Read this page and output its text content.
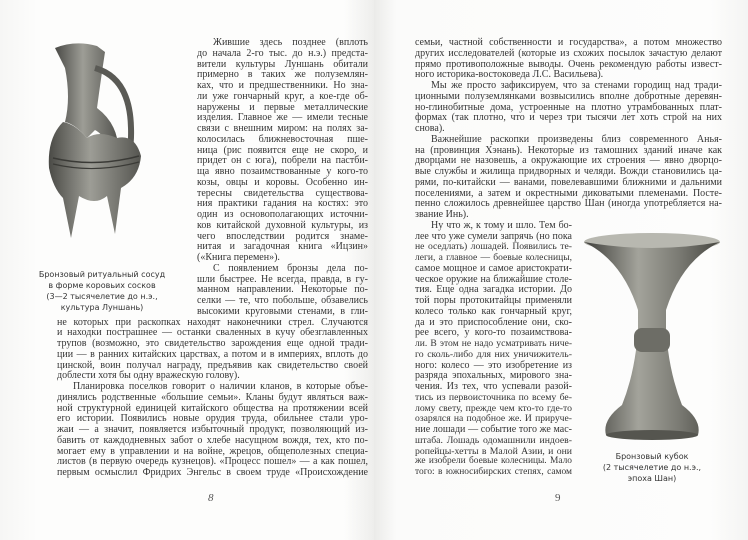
Бронзовый ритуальный сосуд
в форме коровьих сосков
(3—2 тысячелетие до н.э.,
культура Луншань)
Жившие здесь позднее (вплоть
до начала 2-го тыс. до н.э.) предста-
вители культуры Луншань обитали
примерно в таких же полуземлян-
ках, что и предшественники. Но зна-
ли уже гончарный круг, а кое-где об-
наружены и первые металлические
изделия. Главное же — имели тесные
связи с внешним миром: на полях за-
колосилась ближневосточная пше-
ница (рис появится еще не скоро, и
придет он с юга), побрели на пастби-
ща явно позаимствованные у кого-то
козы, овцы и коровы. Особенно ин-
тересны свидетельства существова-
ния практики гадания на костях: это
один из основополагающих источни-
ков китайской духовной культуры, из
чего впоследствии родится знаме-
нитая и загадочная книга «Ицзин»
(«Книга перемен»).
С появлением бронзы дела по-
шли быстрее. Не всегда, правда, в гу-
манном направлении. Некоторые по-
селки — те, что побольше, обзавелись
высокими круговыми стенами, в гли-
не которых при раскопках находят наконечники стрел. Случаются
и находки пострашнее — останки сваленных в кучу обезглавленных
трупов (возможно, это свидетельство зарождения еще одной тради-
ции — в ранних китайских царствах, а потом и в империях, вплоть до
цинской, воин получал награду, предъявив как свидетельство своей
доблести хотя бы одну вражескую голову).
Планировка поселков говорит о наличии кланов, в которые объе-
динялись родственные «большие семьи». Кланы будут являться важ-
ной структурной единицей китайского общества на протяжении всей
его истории. Появились новые орудия труда, обильнее стали уро-
жаи — а значит, появляется избыточный продукт, позволяющий из-
бавить от каждодневных забот о хлебе насущном вождя, тех, кто по-
могает ему в управлении и на войне, жрецов, общеполезных специа-
листов (в первую очередь кузнецов). «Процесс пошел» — а как пошел,
первым осмыслил Фридрих Энгельс в своем труде «Происхождение
8
Бронзовый кубок
(2 тысячелетие до н.э.,
эпоха Шан)
семьи, частной собственности и государства», а потом множество
других исследователей (которые из схожих посылок зачастую делают
прямо противоположные выводы. Очень рекомендую работы извест-
ного историка-востоковеда Л.С. Васильева).
Мы же просто зафиксируем, что за стенами городищ над тради-
ционными полуземлянками возвысились вполне добротные деревян-
но-глинобитные дома, устроенные на плотно утрамбованных плат-
формах (так плотно, что и через три тысячи лет хоть строй на них
снова).
Важнейшие раскопки произведены близ современного Анья-
на (провинция Хэнань). Некоторые из тамошних зданий иначе как
дворцами не назовешь, а окружающие их строения — явно дворцо-
вые службы и жилища придворных и челяди. Вожди становились ца-
рями, по-китайски — ванами, повелевавшими ближними и дальними
поселениями, а затем и окрестными диковатыми племенами. Посте-
пенно сложилось древнейшее царство Шан (иногда употребляется на-
звание Инь).
Ну что ж, к тому и шло. Тем бо-
лее что уже сумели запрячь (но пока
не оседлать) лошадей. Появились те-
леги, а главное — боевые колесницы,
самое мощное и самое аристократи-
ческое оружие на ближайшие столе-
тия. Еще одна загадка истории. До
той поры протокитайцы применяли
колесо только как гончарный круг,
да и это приспособление они, ско-
рее всего, у кого-то позаимствова-
ли. В этом не надо усматривать ниче-
го сколь-либо для них уничижитель-
ного: колесо — это изобретение из
разряда эпохальных, мирового зна-
чения. Из тех, что успевали разой-
тись из первоисточника по всему бе-
лому свету, прежде чем кто-то где-то
озарялся на подобное же. И прируче-
ние лошади — событие того же мас-
штаба. Лошадь одомашнили индоев-
ропейцы-хетты в Малой Азии, и они
же изобрели боевые колесницы. Мало
того: в южносибирских степях, самом
9
